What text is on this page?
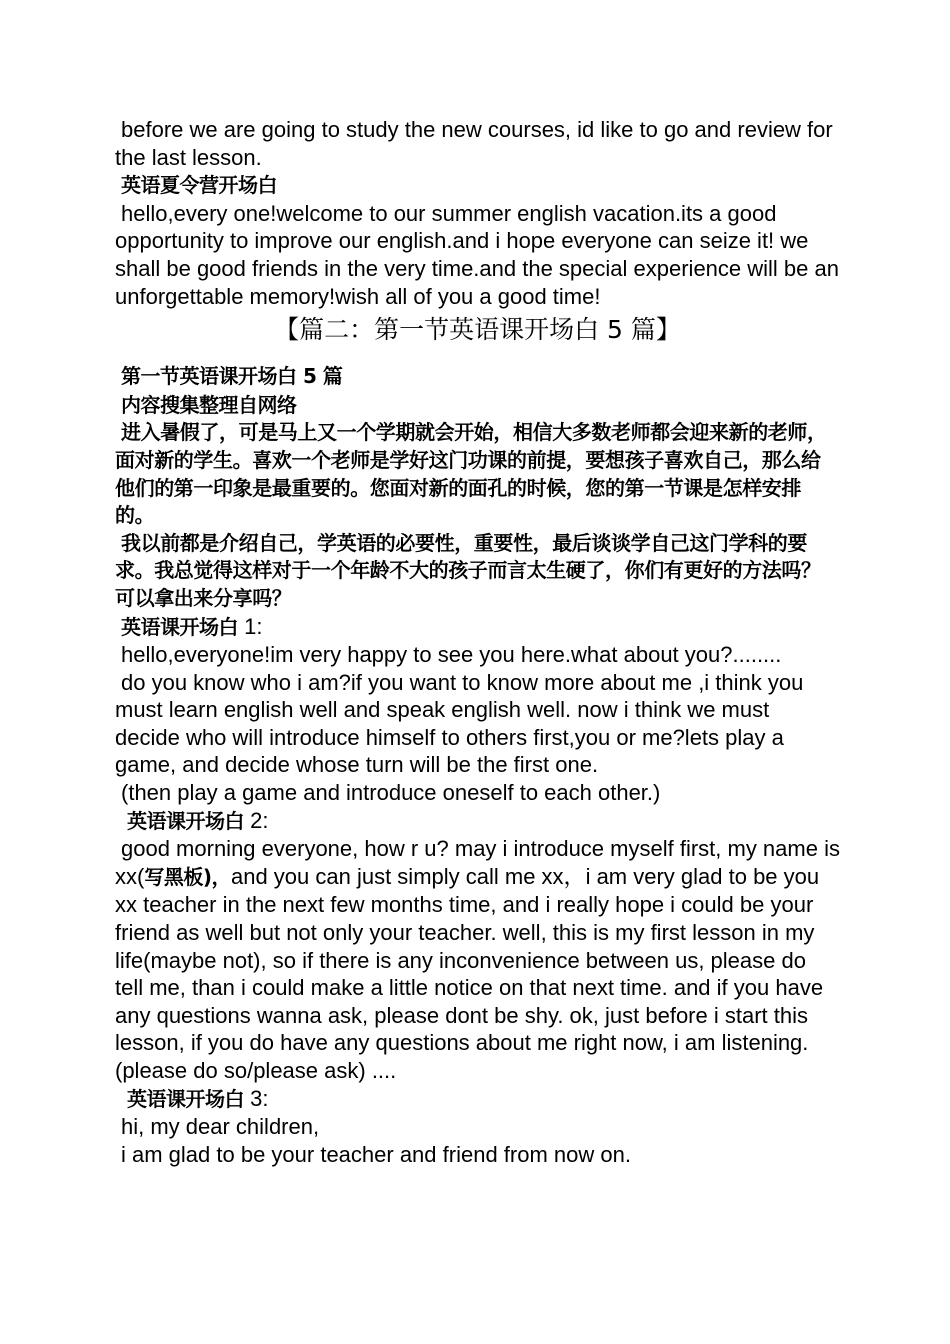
before we are going to study the new courses, id like to go and review for the last lesson.

英语夏令营开场白

hello,every one!welcome to our summer english vacation.its a good opportunity to improve our english.and i hope everyone can seize it! we shall be good friends in the very time.and the special experience will be an unforgettable memory!wish all of you a good time!

【篇二：第一节英语课开场白 5 篇】

第一节英语课开场白 5 篇

内容搜集整理自网络

进入暑假了，可是马上又一个学期就会开始，相信大多数老师都会迎来新的老师，面对新的学生。喜欢一个老师是学好这门功课的前提，要想孩子喜欢自己，那么给他们的第一印象是最重要的。您面对新的面孔的时候，您的第一节课是怎样安排的。

我以前都是介绍自己，学英语的必要性，重要性，最后谈谈学自己这门学科的要求。我总觉得这样对于一个年龄不大的孩子而言太生硬了，你们有更好的方法吗？ 可以拿出来分享吗？

英语课开场白 1:

hello,everyone!im very happy to see you here.what about you?........

do you know who i am?if you want to know more about me ,i think you must learn english well and speak english well. now i think we must decide who will introduce himself to others first,you or me?lets play a game, and decide whose turn will be the first one.

(then play a game and introduce oneself to each other.)

英语课开场白 2:

good morning everyone, how r u? may i introduce myself first, my name is xx(写黑板)，and you can just simply call me xx，i am very glad to be you xx teacher in the next few months time, and i really hope i could be your friend as well but not only your teacher. well, this is my first lesson in my life(maybe not), so if there is any inconvenience between us, please do tell me, than i could make a little notice on that next time. and if you have any questions wanna ask, please dont be shy. ok, just before i start this lesson, if you do have any questions about me right now, i am listening.(please do so/please ask) ....

英语课开场白 3:

hi, my dear children,

i am glad to be your teacher and friend from now on.
